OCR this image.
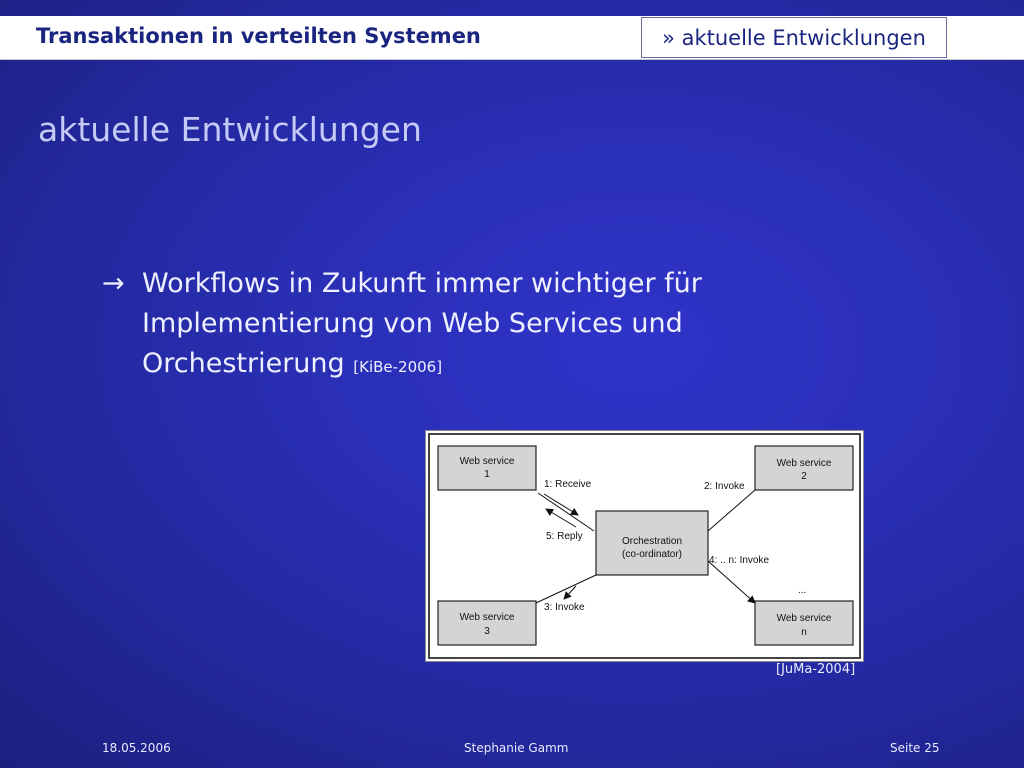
Transaktionen in verteilten Systemen	» aktuelle Entwicklungen
aktuelle Entwicklungen
→ Workflows in Zukunft immer wichtiger für
Implementierung von Web Services und
Orchestrierung [KiBe-2006]
Web service
1
Web service
2
Orchestration
(co-ordinator)
Web service
3
Web service
n
1: Receive
5: Reply
2: Invoke
3: Invoke
4: .. n: Invoke
...
[JuMa-2004]
18.05.2006	Stephanie Gamm	Seite 25
